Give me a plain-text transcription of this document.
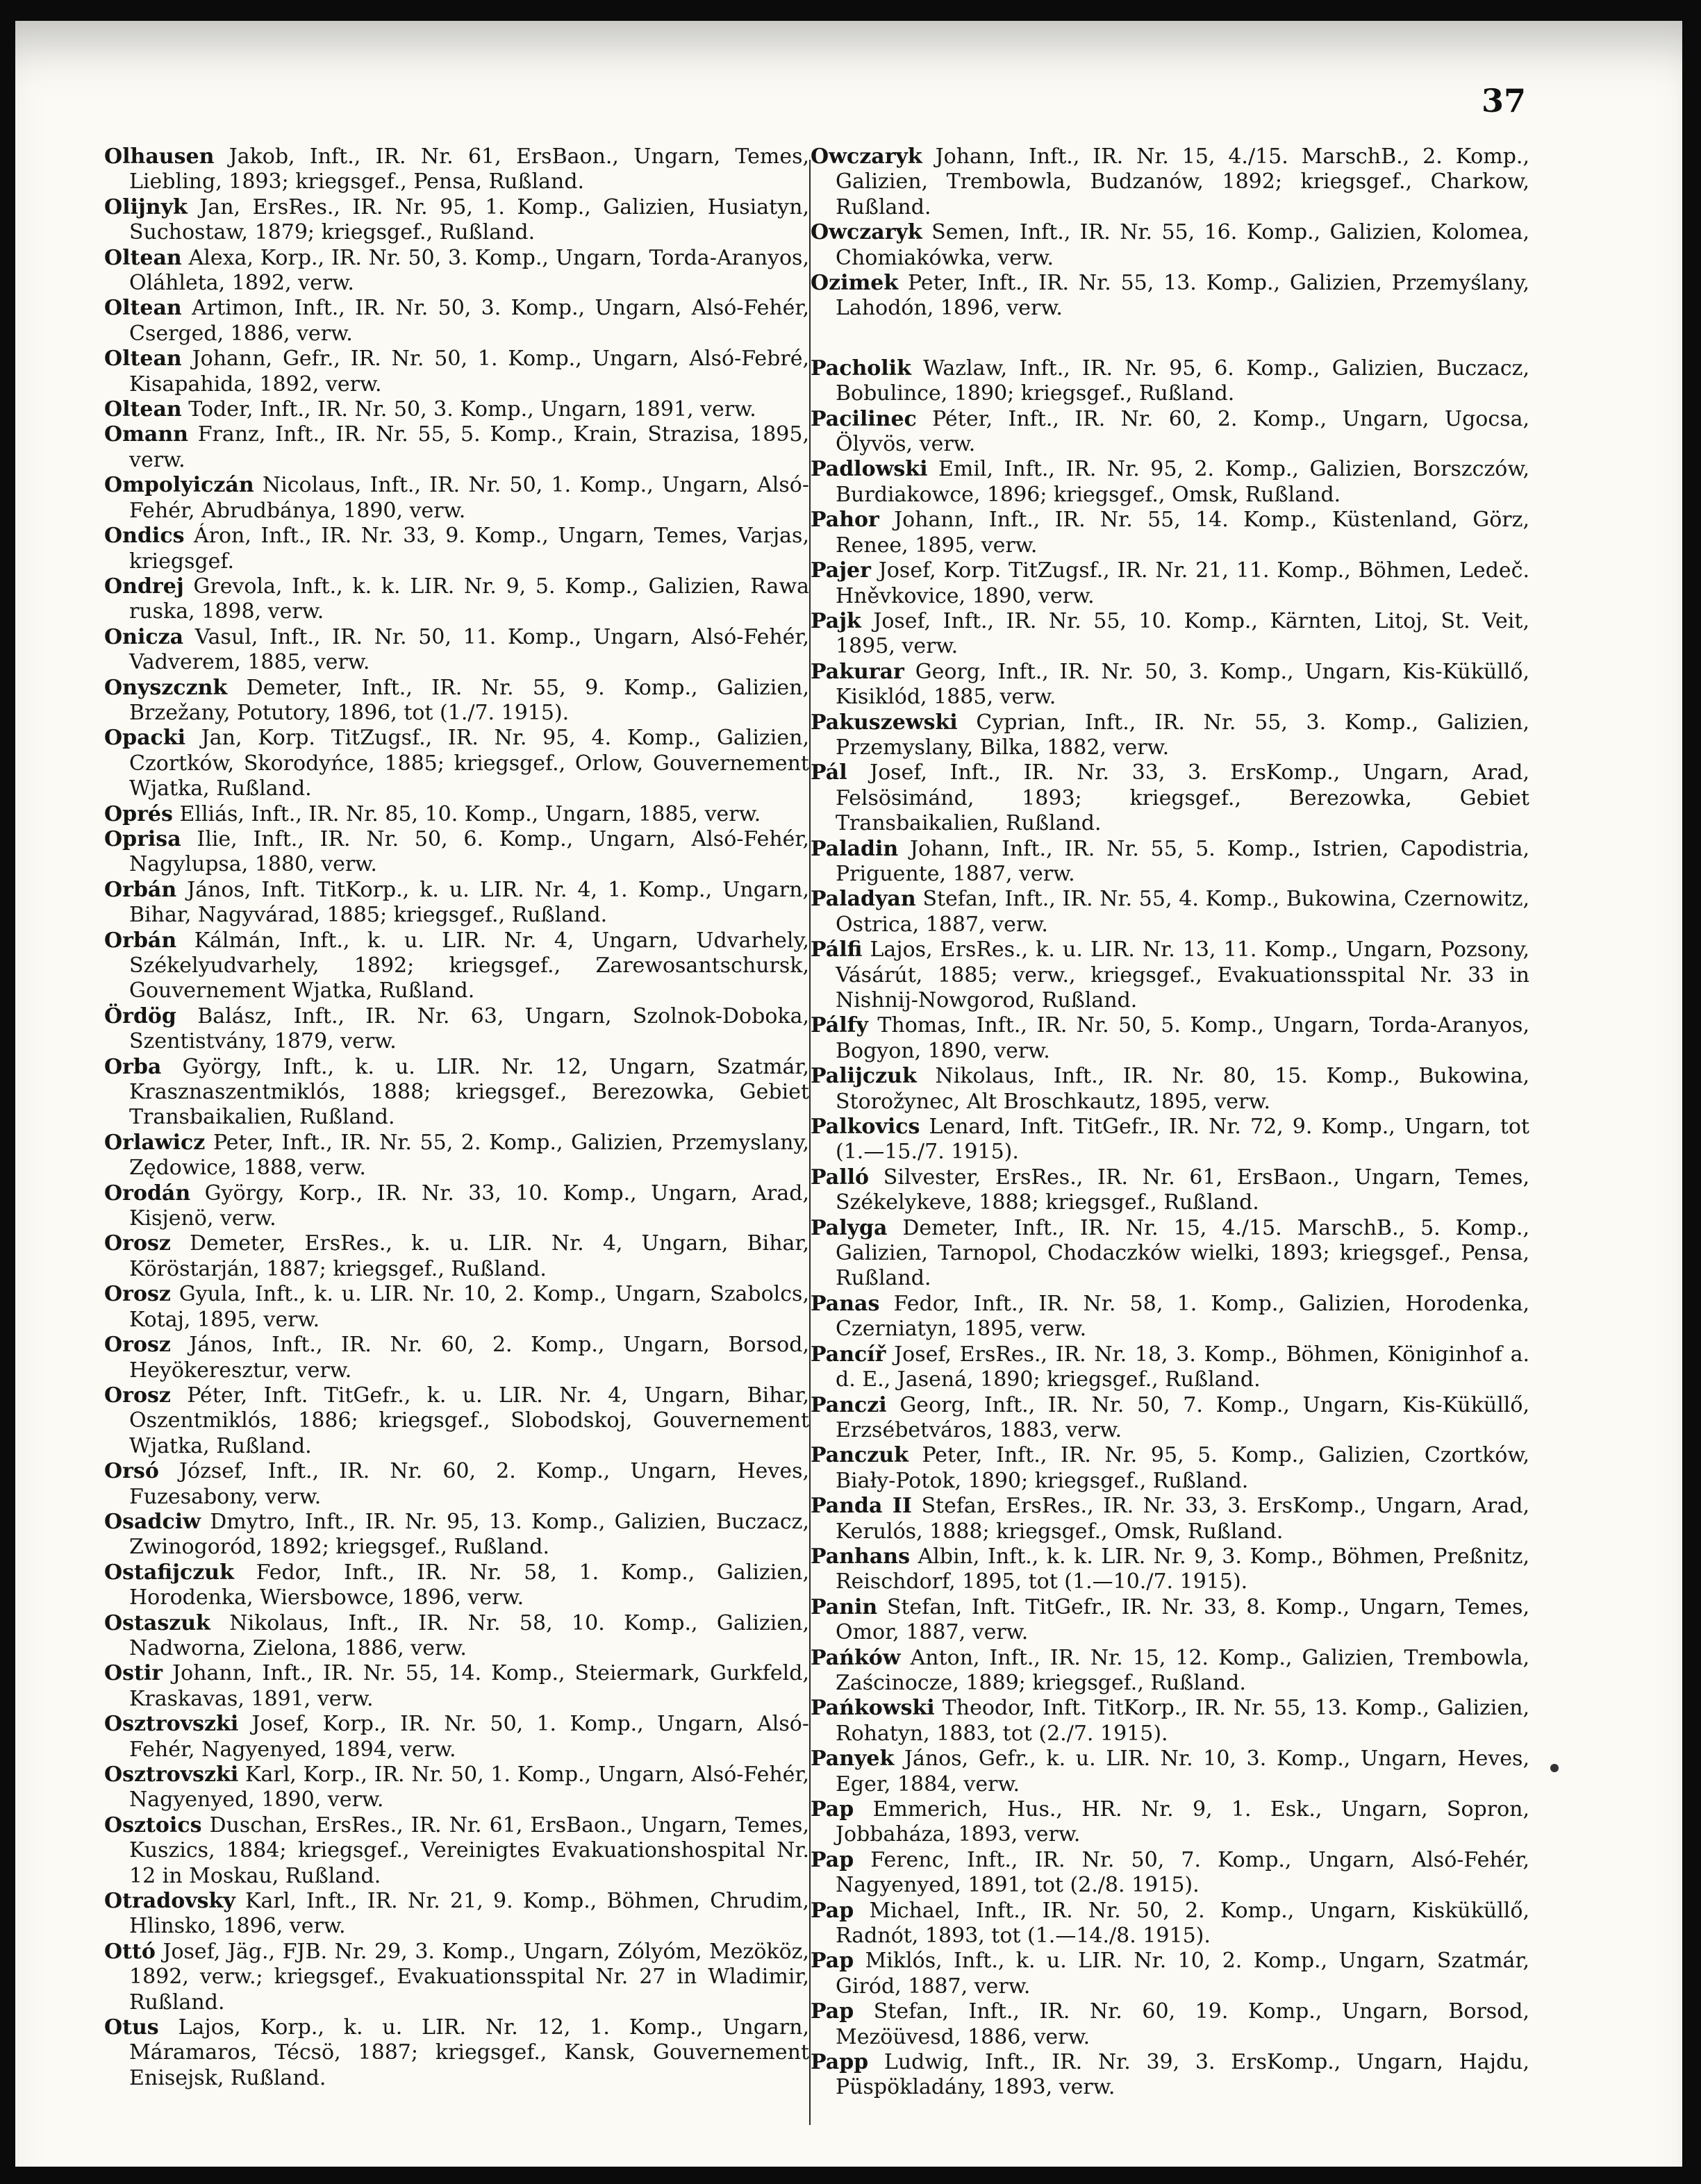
37
Olhausen Jakob, Inft., IR. Nr. 61, ErsBaon., Ungarn, Temes, Liebling, 1893; kriegsgef., Pensa, Rußland.
Olijnyk Jan, ErsRes., IR. Nr. 95, 1. Komp., Galizien, Husiatyn, Suchostaw, 1879; kriegsgef., Rußland.
Oltean Alexa, Korp., IR. Nr. 50, 3. Komp., Ungarn, Torda-Aranyos, Oláhleta, 1892, verw.
Oltean Artimon, Inft., IR. Nr. 50, 3. Komp., Ungarn, Alsó-Fehér, Cserged, 1886, verw.
Oltean Johann, Gefr., IR. Nr. 50, 1. Komp., Ungarn, Alsó-Febré, Kisapahida, 1892, verw.
Oltean Toder, Inft., IR. Nr. 50, 3. Komp., Ungarn, 1891, verw.
Omann Franz, Inft., IR. Nr. 55, 5. Komp., Krain, Strazisa, 1895, verw.
Ompolyiczán Nicolaus, Inft., IR. Nr. 50, 1. Komp., Ungarn, Alsó-Fehér, Abrudbánya, 1890, verw.
Ondics Áron, Inft., IR. Nr. 33, 9. Komp., Ungarn, Temes, Varjas, kriegsgef.
Ondrej Grevola, Inft., k. k. LIR. Nr. 9, 5. Komp., Galizien, Rawa ruska, 1898, verw.
Onicza Vasul, Inft., IR. Nr. 50, 11. Komp., Ungarn, Alsó-Fehér, Vadverem, 1885, verw.
Onyszcznk Demeter, Inft., IR. Nr. 55, 9. Komp., Galizien, Brzežany, Potutory, 1896, tot (1./7. 1915).
Opacki Jan, Korp. TitZugsf., IR. Nr. 95, 4. Komp., Galizien, Czortków, Skorodyńce, 1885; kriegsgef., Orlow, Gouvernement Wjatka, Rußland.
Oprés Elliás, Inft., IR. Nr. 85, 10. Komp., Ungarn, 1885, verw.
Oprisa Ilie, Inft., IR. Nr. 50, 6. Komp., Ungarn, Alsó-Fehér, Nagylupsa, 1880, verw.
Orbán János, Inft. TitKorp., k. u. LIR. Nr. 4, 1. Komp., Ungarn, Bihar, Nagyvárad, 1885; kriegsgef., Rußland.
Orbán Kálmán, Inft., k. u. LIR. Nr. 4, Ungarn, Udvarhely, Székelyudvarhely, 1892; kriegsgef., Zarewosantschursk, Gouvernement Wjatka, Rußland.
Ördög Balász, Inft., IR. Nr. 63, Ungarn, Szolnok-Doboka, Szentistvány, 1879, verw.
Orba György, Inft., k. u. LIR. Nr. 12, Ungarn, Szatmár, Krasznaszentmiklós, 1888; kriegsgef., Berezowka, Gebiet Transbaikalien, Rußland.
Orlawicz Peter, Inft., IR. Nr. 55, 2. Komp., Galizien, Przemyslany, Zędowice, 1888, verw.
Orodán György, Korp., IR. Nr. 33, 10. Komp., Ungarn, Arad, Kisjenö, verw.
Orosz Demeter, ErsRes., k. u. LIR. Nr. 4, Ungarn, Bihar, Köröstarján, 1887; kriegsgef., Rußland.
Orosz Gyula, Inft., k. u. LIR. Nr. 10, 2. Komp., Ungarn, Szabolcs, Kotaj, 1895, verw.
Orosz János, Inft., IR. Nr. 60, 2. Komp., Ungarn, Borsod, Heyökeresztur, verw.
Orosz Péter, Inft. TitGefr., k. u. LIR. Nr. 4, Ungarn, Bihar, Oszentmiklós, 1886; kriegsgef., Slobodskoj, Gouvernement Wjatka, Rußland.
Orsó József, Inft., IR. Nr. 60, 2. Komp., Ungarn, Heves, Fuzesabony, verw.
Osadciw Dmytro, Inft., IR. Nr. 95, 13. Komp., Galizien, Buczacz, Zwinogoród, 1892; kriegsgef., Rußland.
Ostafijczuk Fedor, Inft., IR. Nr. 58, 1. Komp., Galizien, Horodenka, Wiersbowce, 1896, verw.
Ostaszuk Nikolaus, Inft., IR. Nr. 58, 10. Komp., Galizien, Nadworna, Zielona, 1886, verw.
Ostir Johann, Inft., IR. Nr. 55, 14. Komp., Steiermark, Gurkfeld, Kraskavas, 1891, verw.
Osztrovszki Josef, Korp., IR. Nr. 50, 1. Komp., Ungarn, Alsó-Fehér, Nagyenyed, 1894, verw.
Osztrovszki Karl, Korp., IR. Nr. 50, 1. Komp., Ungarn, Alsó-Fehér, Nagyenyed, 1890, verw.
Osztoics Duschan, ErsRes., IR. Nr. 61, ErsBaon., Ungarn, Temes, Kuszics, 1884; kriegsgef., Vereinigtes Evakuationshospital Nr. 12 in Moskau, Rußland.
Otradovsky Karl, Inft., IR. Nr. 21, 9. Komp., Böhmen, Chrudim, Hlinsko, 1896, verw.
Ottó Josef, Jäg., FJB. Nr. 29, 3. Komp., Ungarn, Zólyóm, Mezököz, 1892, verw.; kriegsgef., Evakuationsspital Nr. 27 in Wladimir, Rußland.
Otus Lajos, Korp., k. u. LIR. Nr. 12, 1. Komp., Ungarn, Máramaros, Técsö, 1887; kriegsgef., Kansk, Gouvernement Enisejsk, Rußland.
Owczaryk Johann, Inft., IR. Nr. 15, 4./15. MarschB., 2. Komp., Galizien, Trembowla, Budzanów, 1892; kriegsgef., Charkow, Rußland.
Owczaryk Semen, Inft., IR. Nr. 55, 16. Komp., Galizien, Kolomea, Chomiakówka, verw.
Ozimek Peter, Inft., IR. Nr. 55, 13. Komp., Galizien, Przemyślany, Lahodón, 1896, verw.
Pacholik Wazlaw, Inft., IR. Nr. 95, 6. Komp., Galizien, Buczacz, Bobulince, 1890; kriegsgef., Rußland.
Pacilinec Péter, Inft., IR. Nr. 60, 2. Komp., Ungarn, Ugocsa, Ölyvös, verw.
Padlowski Emil, Inft., IR. Nr. 95, 2. Komp., Galizien, Borszczów, Burdiakowce, 1896; kriegsgef., Omsk, Rußland.
Pahor Johann, Inft., IR. Nr. 55, 14. Komp., Küstenland, Görz, Renee, 1895, verw.
Pajer Josef, Korp. TitZugsf., IR. Nr. 21, 11. Komp., Böhmen, Ledeč. Hněvkovice, 1890, verw.
Pajk Josef, Inft., IR. Nr. 55, 10. Komp., Kärnten, Litoj, St. Veit, 1895, verw.
Pakurar Georg, Inft., IR. Nr. 50, 3. Komp., Ungarn, Kis-Küküllő, Kisiklód, 1885, verw.
Pakuszewski Cyprian, Inft., IR. Nr. 55, 3. Komp., Galizien, Przemyslany, Bilka, 1882, verw.
Pál Josef, Inft., IR. Nr. 33, 3. ErsKomp., Ungarn, Arad, Felsösimánd, 1893; kriegsgef., Berezowka, Gebiet Transbaikalien, Rußland.
Paladin Johann, Inft., IR. Nr. 55, 5. Komp., Istrien, Capodistria, Priguente, 1887, verw.
Paladyan Stefan, Inft., IR. Nr. 55, 4. Komp., Bukowina, Czernowitz, Ostrica, 1887, verw.
Pálfi Lajos, ErsRes., k. u. LIR. Nr. 13, 11. Komp., Ungarn, Pozsony, Vásárút, 1885; verw., kriegsgef., Evakuationsspital Nr. 33 in Nishnij-Nowgorod, Rußland.
Pálfy Thomas, Inft., IR. Nr. 50, 5. Komp., Ungarn, Torda-Aranyos, Bogyon, 1890, verw.
Palijczuk Nikolaus, Inft., IR. Nr. 80, 15. Komp., Bukowina, Storožynec, Alt Broschkautz, 1895, verw.
Palkovics Lenard, Inft. TitGefr., IR. Nr. 72, 9. Komp., Ungarn, tot (1.—15./7. 1915).
Palló Silvester, ErsRes., IR. Nr. 61, ErsBaon., Ungarn, Temes, Székelykeve, 1888; kriegsgef., Rußland.
Palyga Demeter, Inft., IR. Nr. 15, 4./15. MarschB., 5. Komp., Galizien, Tarnopol, Chodaczków wielki, 1893; kriegsgef., Pensa, Rußland.
Panas Fedor, Inft., IR. Nr. 58, 1. Komp., Galizien, Horodenka, Czerniatyn, 1895, verw.
Pancíř Josef, ErsRes., IR. Nr. 18, 3. Komp., Böhmen, Königinhof a. d. E., Jasená, 1890; kriegsgef., Rußland.
Panczi Georg, Inft., IR. Nr. 50, 7. Komp., Ungarn, Kis-Küküllő, Erzsébetváros, 1883, verw.
Panczuk Peter, Inft., IR. Nr. 95, 5. Komp., Galizien, Czortków, Biały-Potok, 1890; kriegsgef., Rußland.
Panda II Stefan, ErsRes., IR. Nr. 33, 3. ErsKomp., Ungarn, Arad, Kerulós, 1888; kriegsgef., Omsk, Rußland.
Panhans Albin, Inft., k. k. LIR. Nr. 9, 3. Komp., Böhmen, Preßnitz, Reischdorf, 1895, tot (1.—10./7. 1915).
Panin Stefan, Inft. TitGefr., IR. Nr. 33, 8. Komp., Ungarn, Temes, Omor, 1887, verw.
Pańków Anton, Inft., IR. Nr. 15, 12. Komp., Galizien, Trembowla, Zaścinocze, 1889; kriegsgef., Rußland.
Pańkowski Theodor, Inft. TitKorp., IR. Nr. 55, 13. Komp., Galizien, Rohatyn, 1883, tot (2./7. 1915).
Panyek János, Gefr., k. u. LIR. Nr. 10, 3. Komp., Ungarn, Heves, Eger, 1884, verw.
Pap Emmerich, Hus., HR. Nr. 9, 1. Esk., Ungarn, Sopron, Jobbaháza, 1893, verw.
Pap Ferenc, Inft., IR. Nr. 50, 7. Komp., Ungarn, Alsó-Fehér, Nagyenyed, 1891, tot (2./8. 1915).
Pap Michael, Inft., IR. Nr. 50, 2. Komp., Ungarn, Kisküküllő, Radnót, 1893, tot (1.—14./8. 1915).
Pap Miklós, Inft., k. u. LIR. Nr. 10, 2. Komp., Ungarn, Szatmár, Giród, 1887, verw.
Pap Stefan, Inft., IR. Nr. 60, 19. Komp., Ungarn, Borsod, Mezöüvesd, 1886, verw.
Papp Ludwig, Inft., IR. Nr. 39, 3. ErsKomp., Ungarn, Hajdu, Püspökladány, 1893, verw.
